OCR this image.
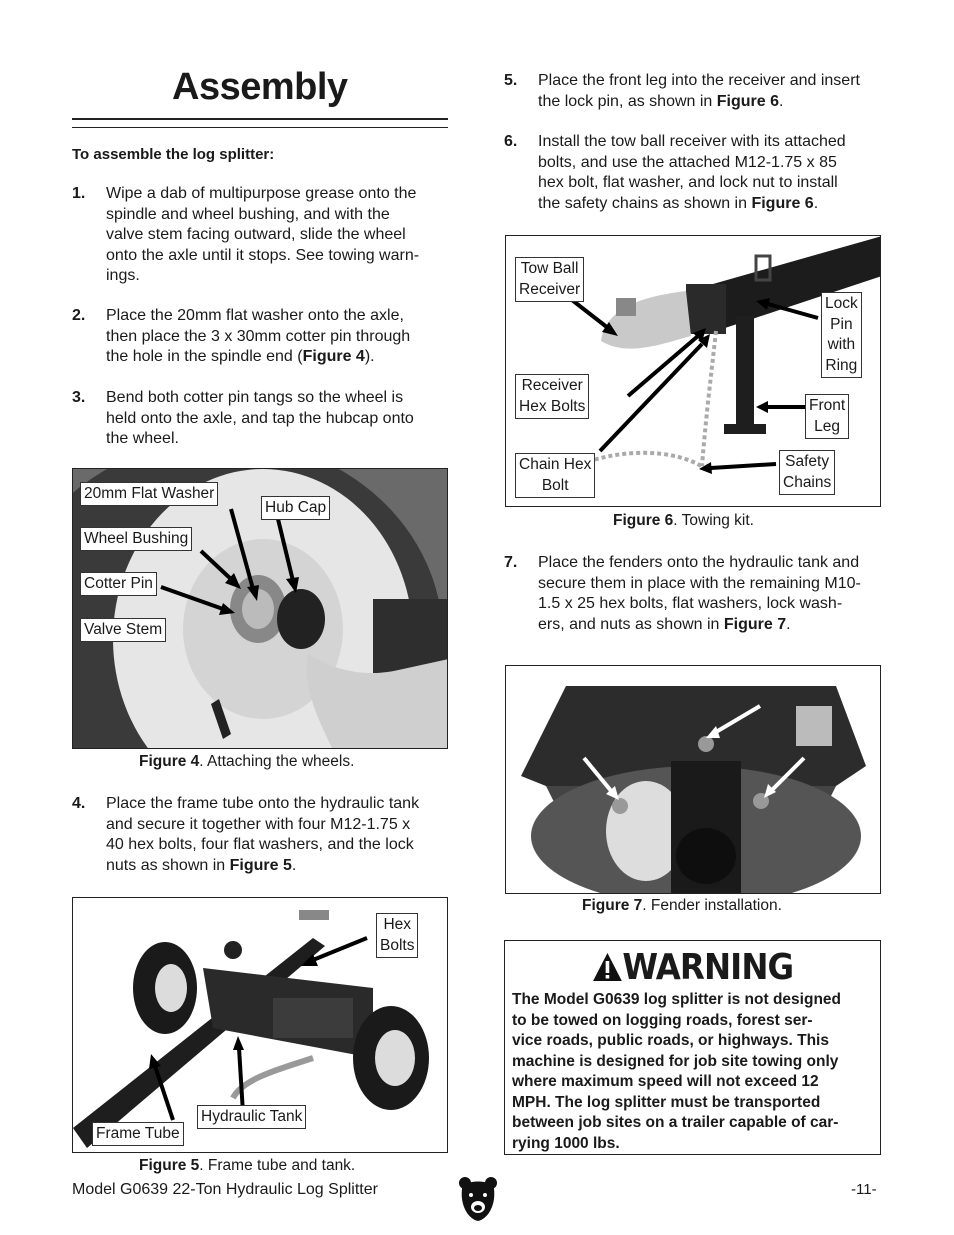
Assembly
To assemble the log splitter:
1. Wipe a dab of multipurpose grease onto the
spindle and wheel bushing, and with the
valve stem facing outward, slide the wheel
onto the axle until it stops. See towing warn-
ings.
2. Place the 20mm flat washer onto the axle,
then place the 3 x 30mm cotter pin through
the hole in the spindle end (Figure 4).
3. Bend both cotter pin tangs so the wheel is
held onto the axle, and tap the hubcap onto
the wheel.
20mm Flat Washer
Hub Cap
Wheel Bushing
Cotter Pin
Valve Stem
Figure 4. Attaching the wheels.
4. Place the frame tube onto the hydraulic tank
and secure it together with four M12-1.75 x
40 hex bolts, four flat washers, and the lock
nuts as shown in Figure 5.
Hex
Bolts
Hydraulic Tank
Frame Tube
Figure 5. Frame tube and tank.
5. Place the front leg into the receiver and insert
the lock pin, as shown in Figure 6.
6. Install the tow ball receiver with its attached
bolts, and use the attached M12-1.75 x 85
hex bolt, flat washer, and lock nut to install
the safety chains as shown in Figure 6.
Tow Ball
Receiver
Lock
Pin
with
Ring
Receiver
Hex Bolts	Front
Leg
Chain Hex
Bolt
Safety
Chains
Figure 6. Towing kit.
7. Place the fenders onto the hydraulic tank and
secure them in place with the remaining M10-
1.5 x 25 hex bolts, flat washers, lock wash-
ers, and nuts as shown in Figure 7.
Figure 7. Fender installation.
WARNING
The Model G0639 log splitter is not designed
to be towed on logging roads, forest ser-
vice roads, public roads, or highways. This
machine is designed for job site towing only
where maximum speed will not exceed 12
MPH. The log splitter must be transported
between job sites on a trailer capable of car-
rying 1000 lbs.
Model G0639 22-Ton Hydraulic Log Splitter	-11-
